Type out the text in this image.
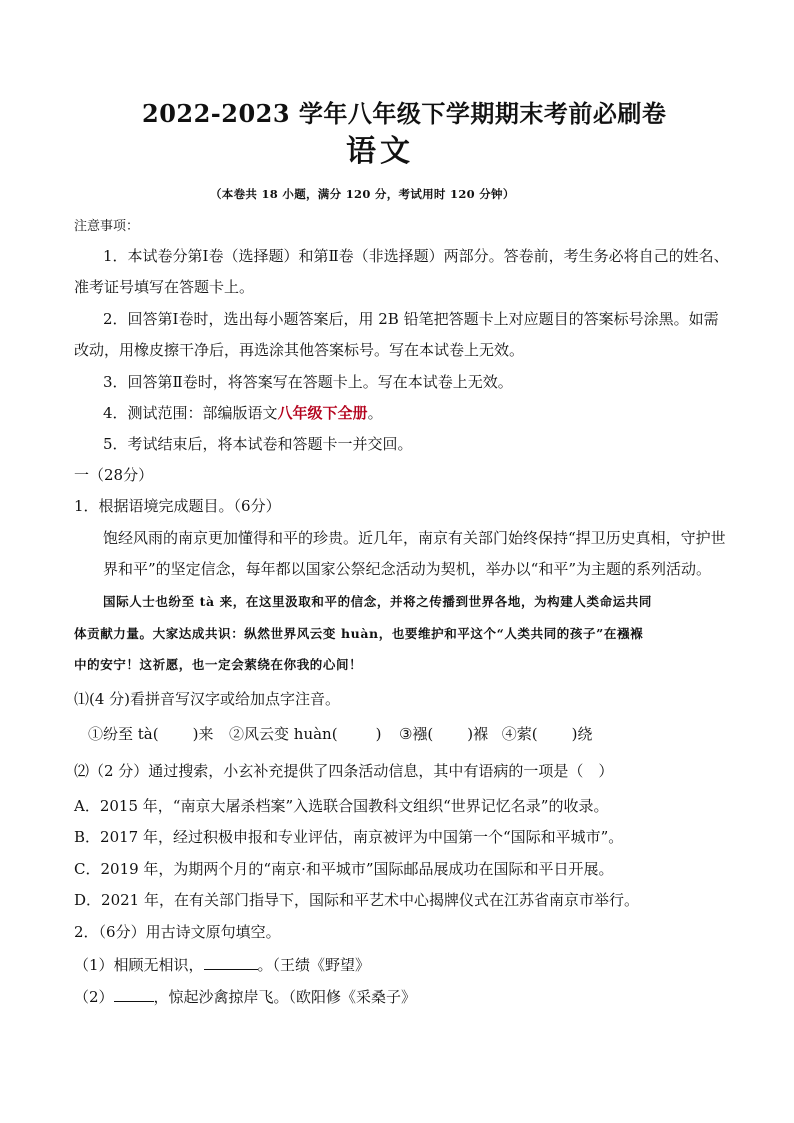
2022-2023 学年八年级下学期期末考前必刷卷
语文
（本卷共 18 小题，满分 120 分，考试用时 120 分钟）
注意事项：
1．本试卷分第Ⅰ卷（选择题）和第Ⅱ卷（非选择题）两部分。答卷前，考生务必将自己的姓名、
准考证号填写在答题卡上。
2．回答第Ⅰ卷时，选出每小题答案后，用 2B 铅笔把答题卡上对应题目的答案标号涂黑。如需
改动，用橡皮擦干净后，再选涂其他答案标号。写在本试卷上无效。
3．回答第Ⅱ卷时，将答案写在答题卡上。写在本试卷上无效。
4．测试范围：部编版语文八年级下全册。
5．考试结束后，将本试卷和答题卡一并交回。
一（28分）
1．根据语境完成题目。（6分）
饱经风雨的南京更加懂得和平的珍贵。近几年，南京有关部门始终保持“捍卫历史真相，守护世
界和平”的坚定信念，每年都以国家公祭纪念活动为契机，举办以“和平”为主题的系列活动。
国际人士也纷至 tà 来，在这里汲取和平的信念，并将之传播到世界各地，为构建人类命运共同
体贡献力量。大家达成共识：纵然世界风云变 huàn，也要维护和平这个“人类共同的孩子”在襁褓
中的安宁！这祈愿，也一定会萦绕在你我的心间！
⑴(4 分)看拼音写汉字或给加点字注音。
①纷至 tà( )来 ②风云变 huàn(	) ③襁( )褓 ④萦( )绕
⑵（2 分）通过搜索，小玄补充提供了四条活动信息，其中有语病的一项是（　）
A．2015 年，“南京大屠杀档案”入选联合国教科文组织“世界记忆名录”的收录。
B．2017 年，经过积极申报和专业评估，南京被评为中国第一个“国际和平城市”。
C．2019 年，为期两个月的“南京·和平城市”国际邮品展成功在国际和平日开展。
D．2021 年，在有关部门指导下，国际和平艺术中心揭牌仪式在江苏省南京市举行。
2．（6分）用古诗文原句填空。
（1）相顾无相识，	。（王绩《野望》
（2）	，惊起沙禽掠岸飞。（欧阳修《采桑子》
